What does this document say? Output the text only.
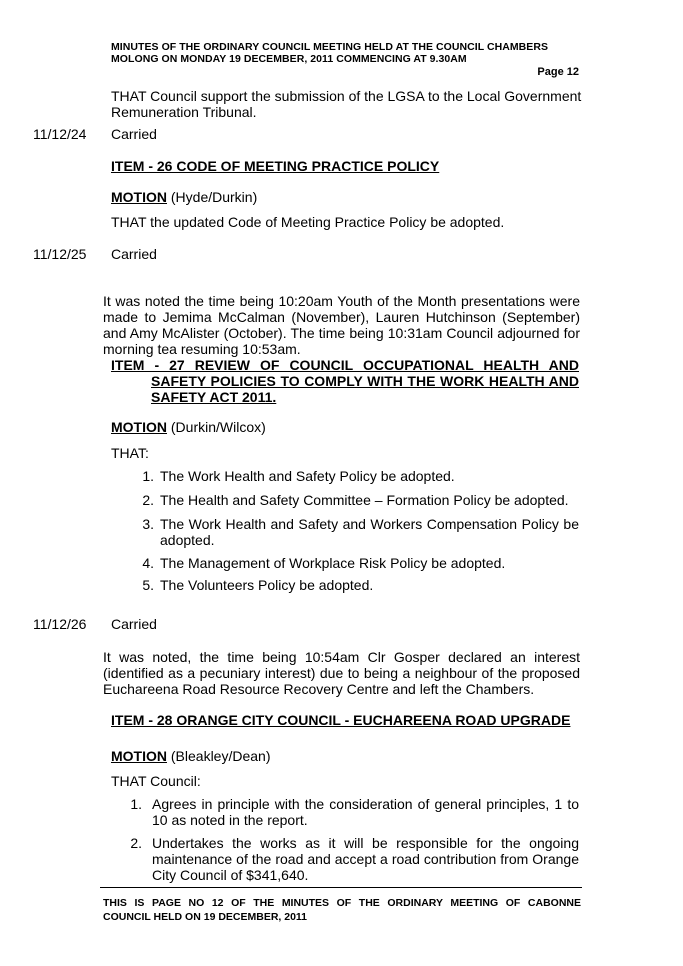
MINUTES OF THE ORDINARY COUNCIL MEETING HELD AT THE COUNCIL CHAMBERS
MOLONG ON MONDAY 19 DECEMBER, 2011 COMMENCING AT 9.30AM
Page 12
THAT Council support the submission of the LGSA to the Local Government
Remuneration Tribunal.
11/12/24 Carried
ITEM - 26 CODE OF MEETING PRACTICE POLICY
MOTION (Hyde/Durkin)
THAT the updated Code of Meeting Practice Policy be adopted.
11/12/25 Carried
It was noted the time being 10:20am Youth of the Month presentations were
made to Jemima McCalman (November), Lauren Hutchinson (September)
and Amy McAlister (October). The time being 10:31am Council adjourned for
morning tea resuming 10:53am.
ITEM - 27 REVIEW OF COUNCIL OCCUPATIONAL HEALTH AND
SAFETY POLICIES TO COMPLY WITH THE WORK HEALTH AND
SAFETY ACT 2011.
MOTION (Durkin/Wilcox)
THAT:
1. The Work Health and Safety Policy be adopted.
2. The Health and Safety Committee – Formation Policy be adopted.
3. The Work Health and Safety and Workers Compensation Policy be
adopted.
4. The Management of Workplace Risk Policy be adopted.
5. The Volunteers Policy be adopted.
11/12/26 Carried
It was noted, the time being 10:54am Clr Gosper declared an interest
(identified as a pecuniary interest) due to being a neighbour of the proposed
Euchareena Road Resource Recovery Centre and left the Chambers.
ITEM - 28 ORANGE CITY COUNCIL - EUCHAREENA ROAD UPGRADE
MOTION (Bleakley/Dean)
THAT Council:
1. Agrees in principle with the consideration of general principles, 1 to
10 as noted in the report.
2. Undertakes the works as it will be responsible for the ongoing
maintenance of the road and accept a road contribution from Orange
City Council of $341,640.
THIS IS PAGE NO 12 OF THE MINUTES OF THE ORDINARY MEETING OF CABONNE
COUNCIL HELD ON 19 DECEMBER, 2011
